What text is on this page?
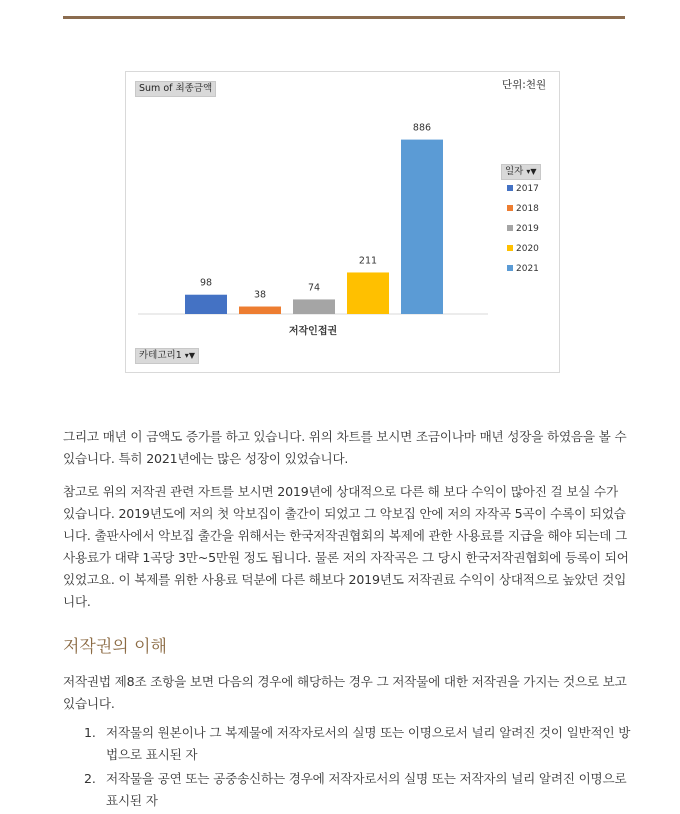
98
38
74
211
886
저작인접권
2017
2018
2019
2020
2021
Sum of 최종금액	단위:천원
일자 ▾▼
카테고리1 ▾▼

그리고 매년 이 금액도 증가를 하고 있습니다. 위의 차트를 보시면 조금이나마 매년 성장을 하였음을 볼 수 있습니다. 특히 2021년에는 많은 성장이 있었습니다.

참고로 위의 저작권 관련 자트를 보시면 2019년에 상대적으로 다른 해 보다 수익이 많아진 걸 보실 수가 있습니다. 2019년도에 저의 첫 악보집이 출간이 되었고 그 악보집 안에 저의 자작곡 5곡이 수록이 되었습니다. 출판사에서 악보집 출간을 위해서는 한국저작권협회의 복제에 관한 사용료를 지급을 해야 되는데 그 사용료가 대략 1곡당 3만~5만원 정도 됩니다. 물론 저의 자작곡은 그 당시 한국저작권협회에 등록이 되어 있었고요. 이 복제를 위한 사용료 덕분에 다른 해보다 2019년도 저작권료 수익이 상대적으로 높았던 것입니다.

저작권의 이해

저작권법 제8조 조항을 보면 다음의 경우에 해당하는 경우 그 저작물에 대한 저작권을 가지는 것으로 보고 있습니다.

1. 저작물의 원본이나 그 복제물에 저작자로서의 실명 또는 이명으로서 널리 알려진 것이 일반적인 방법으로 표시된 자
2. 저작물을 공연 또는 공중송신하는 경우에 저작자로서의 실명 또는 저작자의 널리 알려진 이명으로 표시된 자
